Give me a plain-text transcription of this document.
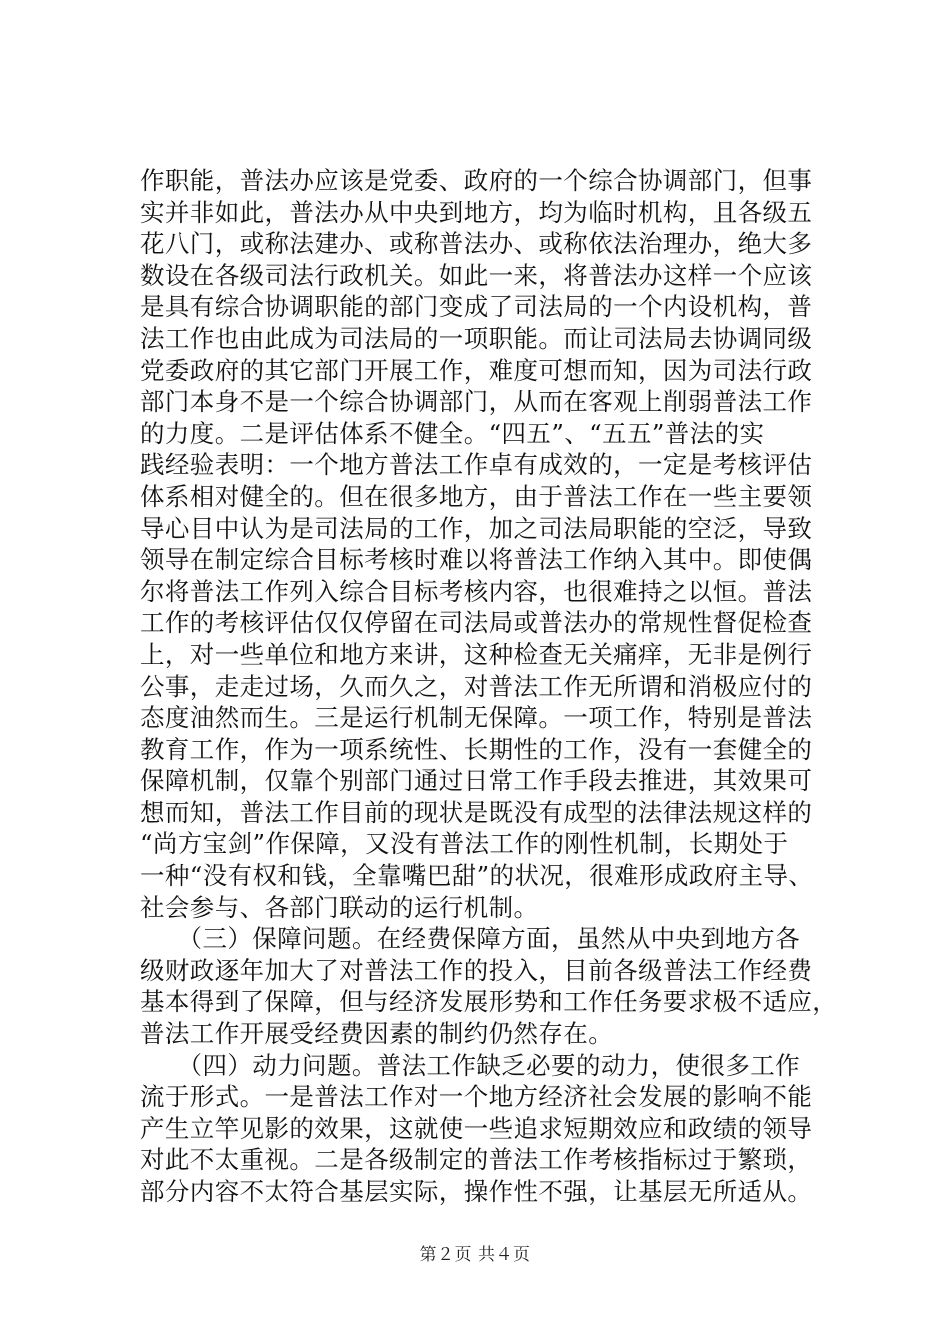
作职能，普法办应该是党委、政府的一个综合协调部门，但事
实并非如此，普法办从中央到地方，均为临时机构，且各级五
花八门，或称法建办、或称普法办、或称依法治理办，绝大多
数设在各级司法行政机关。如此一来，将普法办这样一个应该
是具有综合协调职能的部门变成了司法局的一个内设机构，普
法工作也由此成为司法局的一项职能。而让司法局去协调同级
党委政府的其它部门开展工作，难度可想而知，因为司法行政
部门本身不是一个综合协调部门，从而在客观上削弱普法工作
的力度。二是评估体系不健全。“四五”、“五五”普法的实
践经验表明：一个地方普法工作卓有成效的，一定是考核评估
体系相对健全的。但在很多地方，由于普法工作在一些主要领
导心目中认为是司法局的工作，加之司法局职能的空泛，导致
领导在制定综合目标考核时难以将普法工作纳入其中。即使偶
尔将普法工作列入综合目标考核内容，也很难持之以恒。普法
工作的考核评估仅仅停留在司法局或普法办的常规性督促检查
上，对一些单位和地方来讲，这种检查无关痛痒，无非是例行
公事，走走过场，久而久之，对普法工作无所谓和消极应付的
态度油然而生。三是运行机制无保障。一项工作，特别是普法
教育工作，作为一项系统性、长期性的工作，没有一套健全的
保障机制，仅靠个别部门通过日常工作手段去推进，其效果可
想而知，普法工作目前的现状是既没有成型的法律法规这样的
“尚方宝剑”作保障，又没有普法工作的刚性机制，长期处于
一种“没有权和钱，全靠嘴巴甜”的状况，很难形成政府主导、
社会参与、各部门联动的运行机制。
　　（三）保障问题。在经费保障方面，虽然从中央到地方各
级财政逐年加大了对普法工作的投入，目前各级普法工作经费
基本得到了保障，但与经济发展形势和工作任务要求极不适应，
普法工作开展受经费因素的制约仍然存在。
　　（四）动力问题。普法工作缺乏必要的动力，使很多工作
流于形式。一是普法工作对一个地方经济社会发展的影响不能
产生立竿见影的效果，这就使一些追求短期效应和政绩的领导
对此不太重视。二是各级制定的普法工作考核指标过于繁琐，
部分内容不太符合基层实际，操作性不强，让基层无所适从。
第２页 共４页
